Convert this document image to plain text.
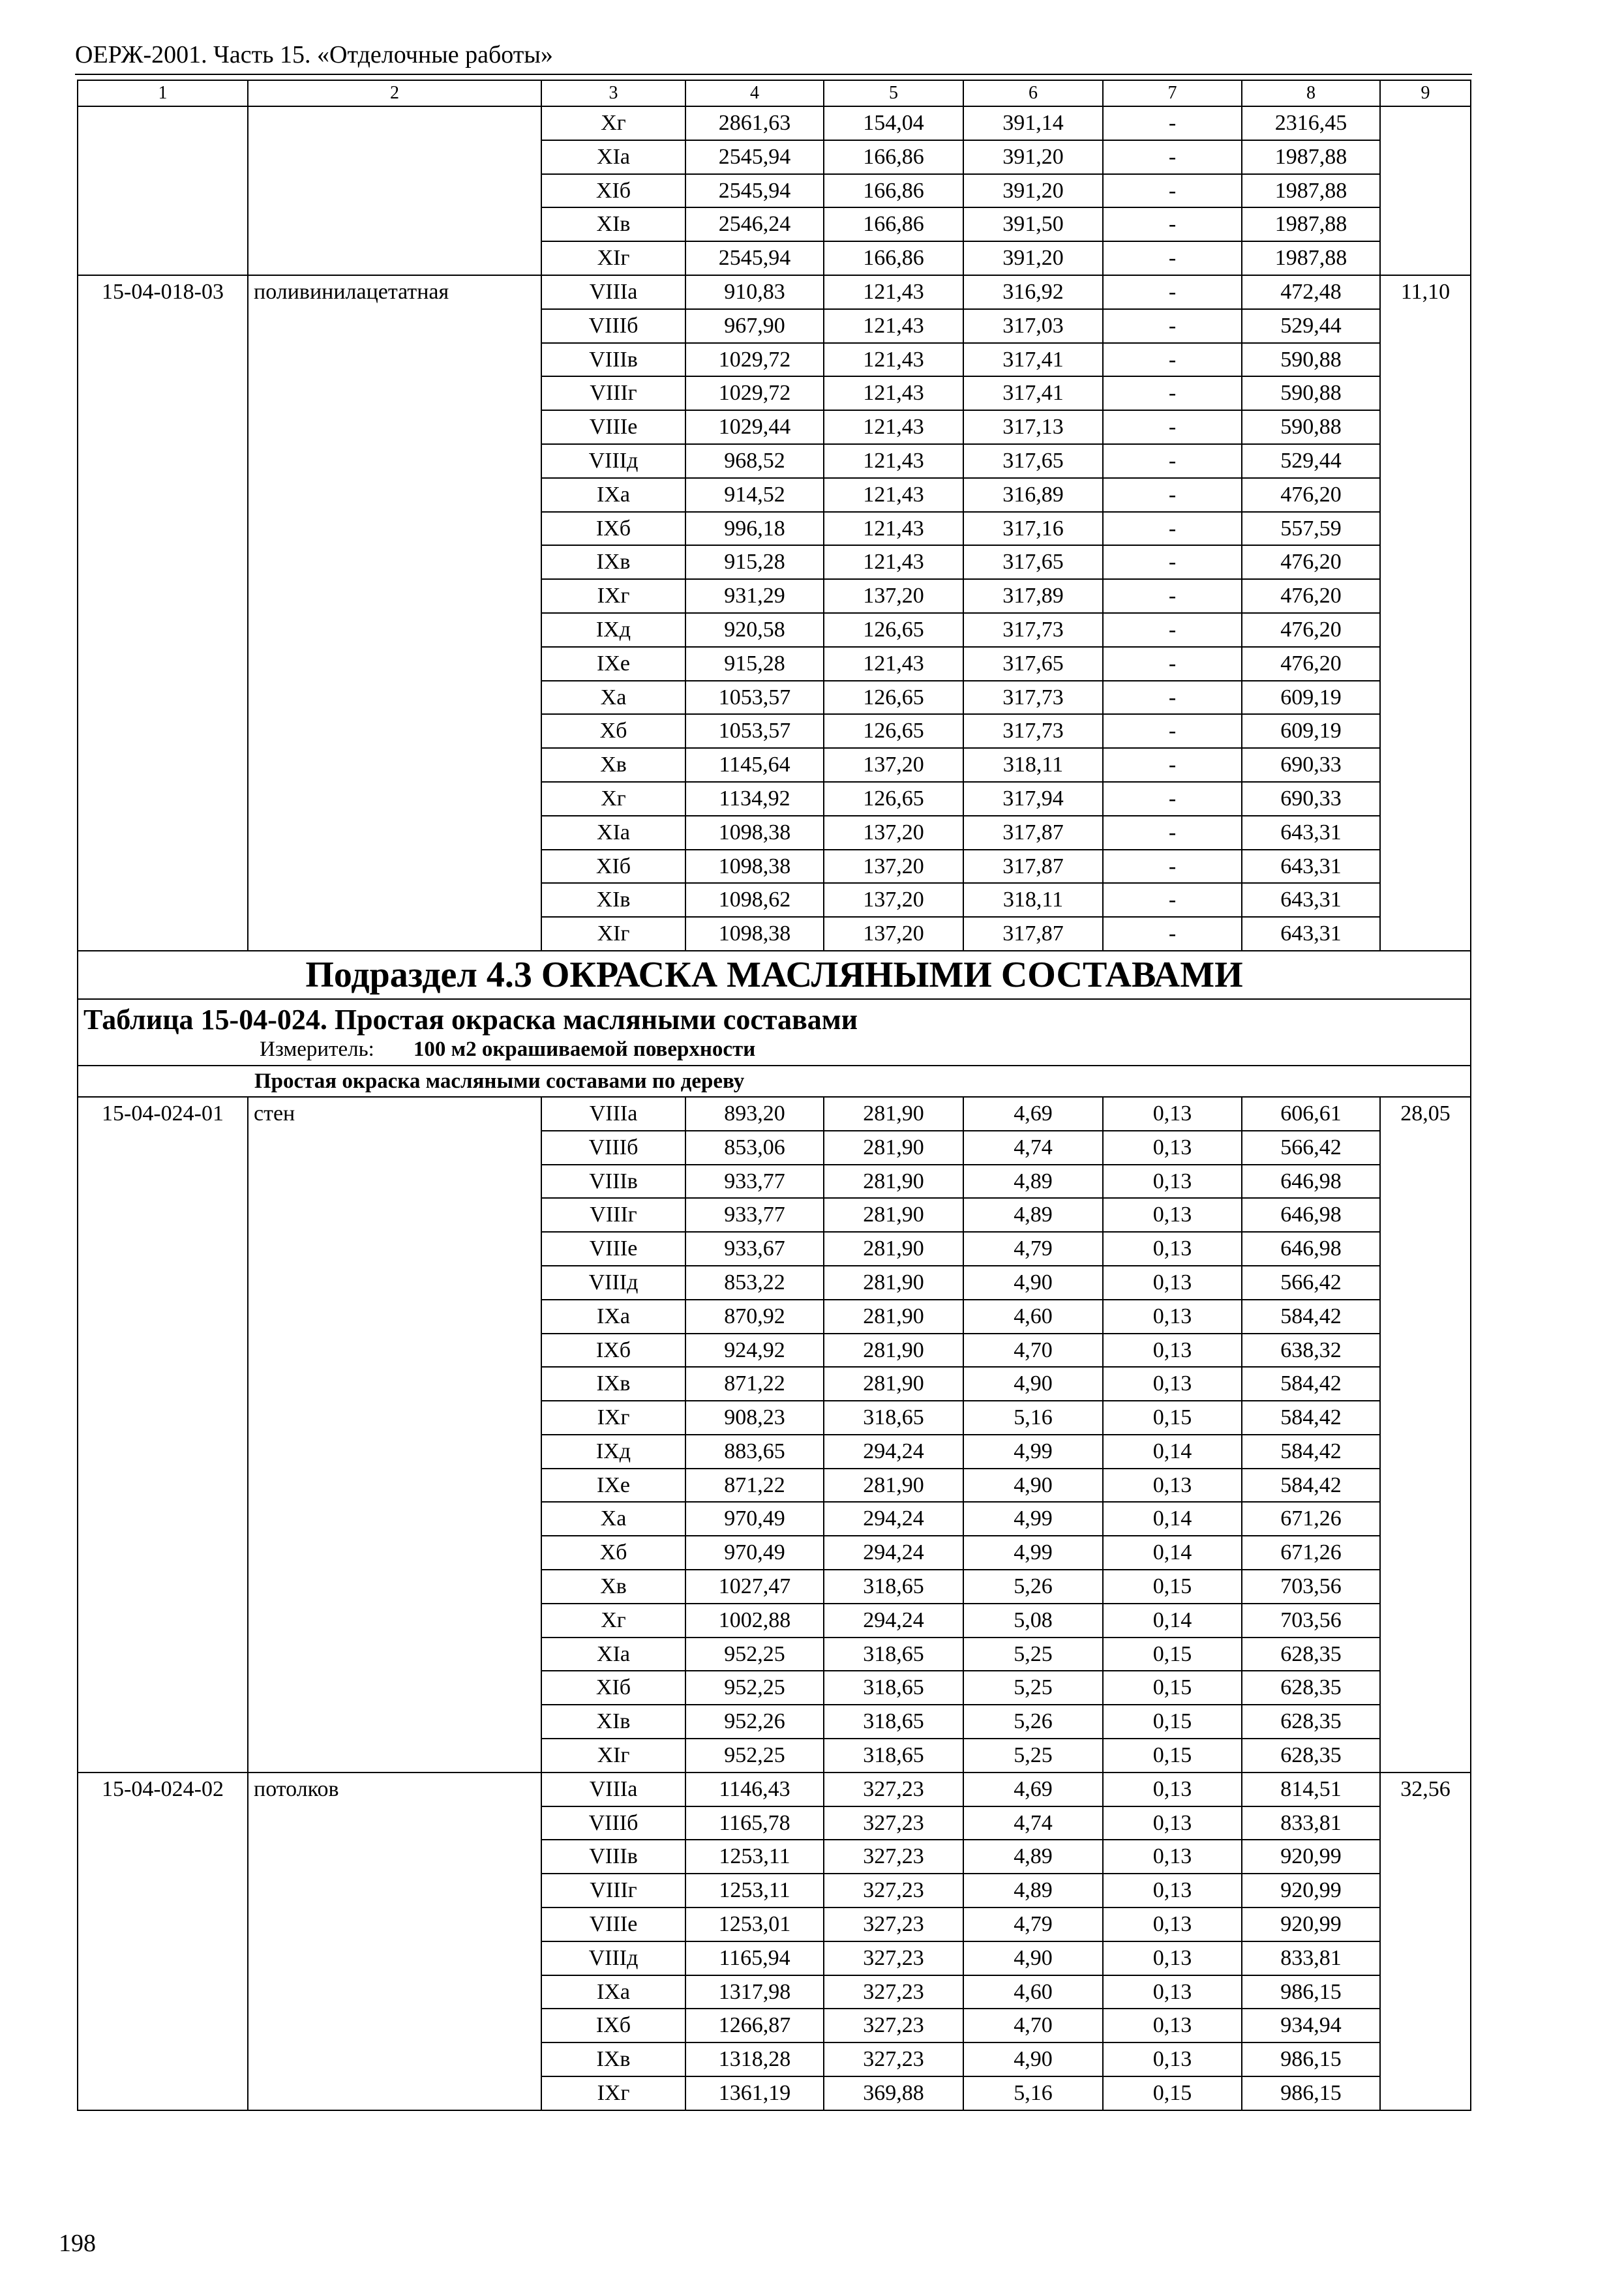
ОЕРЖ-2001. Часть 15. «Отделочные работы»
1	2	3	4	5	6	7	8	9
		Xг	2861,63	154,04	391,14	-	2316,45	
		XIа	2545,94	166,86	391,20	-	1987,88	
		XIб	2545,94	166,86	391,20	-	1987,88	
		XIв	2546,24	166,86	391,50	-	1987,88	
		XIг	2545,94	166,86	391,20	-	1987,88	
15-04-018-03	поливинилацетатная	VIIIа	910,83	121,43	316,92	-	472,48	11,10
		VIIIб	967,90	121,43	317,03	-	529,44	
		VIIIв	1029,72	121,43	317,41	-	590,88	
		VIIIг	1029,72	121,43	317,41	-	590,88	
		VIIIе	1029,44	121,43	317,13	-	590,88	
		VIIIд	968,52	121,43	317,65	-	529,44	
		IXа	914,52	121,43	316,89	-	476,20	
		IXб	996,18	121,43	317,16	-	557,59	
		IXв	915,28	121,43	317,65	-	476,20	
		IXг	931,29	137,20	317,89	-	476,20	
		IXд	920,58	126,65	317,73	-	476,20	
		IXе	915,28	121,43	317,65	-	476,20	
		Xа	1053,57	126,65	317,73	-	609,19	
		Xб	1053,57	126,65	317,73	-	609,19	
		Xв	1145,64	137,20	318,11	-	690,33	
		Xг	1134,92	126,65	317,94	-	690,33	
		XIа	1098,38	137,20	317,87	-	643,31	
		XIб	1098,38	137,20	317,87	-	643,31	
		XIв	1098,62	137,20	318,11	-	643,31	
		XIг	1098,38	137,20	317,87	-	643,31	
Подраздел 4.3 ОКРАСКА МАСЛЯНЫМИ СОСТАВАМИ								

Таблица 15-04-024. Простая окраска масляными составами
Измеритель: 100 м2 окрашиваемой поверхности								

Простая окраска масляными составами по дереву								
15-04-024-01	стен	VIIIа	893,20	281,90	4,69	0,13	606,61	28,05
		VIIIб	853,06	281,90	4,74	0,13	566,42	
		VIIIв	933,77	281,90	4,89	0,13	646,98	
		VIIIг	933,77	281,90	4,89	0,13	646,98	
		VIIIе	933,67	281,90	4,79	0,13	646,98	
		VIIIд	853,22	281,90	4,90	0,13	566,42	
		IXа	870,92	281,90	4,60	0,13	584,42	
		IXб	924,92	281,90	4,70	0,13	638,32	
		IXв	871,22	281,90	4,90	0,13	584,42	
		IXг	908,23	318,65	5,16	0,15	584,42	
		IXд	883,65	294,24	4,99	0,14	584,42	
		IXе	871,22	281,90	4,90	0,13	584,42	
		Xа	970,49	294,24	4,99	0,14	671,26	
		Xб	970,49	294,24	4,99	0,14	671,26	
		Xв	1027,47	318,65	5,26	0,15	703,56	
		Xг	1002,88	294,24	5,08	0,14	703,56	
		XIа	952,25	318,65	5,25	0,15	628,35	
		XIб	952,25	318,65	5,25	0,15	628,35	
		XIв	952,26	318,65	5,26	0,15	628,35	
		XIг	952,25	318,65	5,25	0,15	628,35	
15-04-024-02	потолков	VIIIа	1146,43	327,23	4,69	0,13	814,51	32,56
		VIIIб	1165,78	327,23	4,74	0,13	833,81	
		VIIIв	1253,11	327,23	4,89	0,13	920,99	
		VIIIг	1253,11	327,23	4,89	0,13	920,99	
		VIIIе	1253,01	327,23	4,79	0,13	920,99	
		VIIIд	1165,94	327,23	4,90	0,13	833,81	
		IXа	1317,98	327,23	4,60	0,13	986,15	
		IXб	1266,87	327,23	4,70	0,13	934,94	
		IXв	1318,28	327,23	4,90	0,13	986,15	
		IXг	1361,19	369,88	5,16	0,15	986,15	
198
